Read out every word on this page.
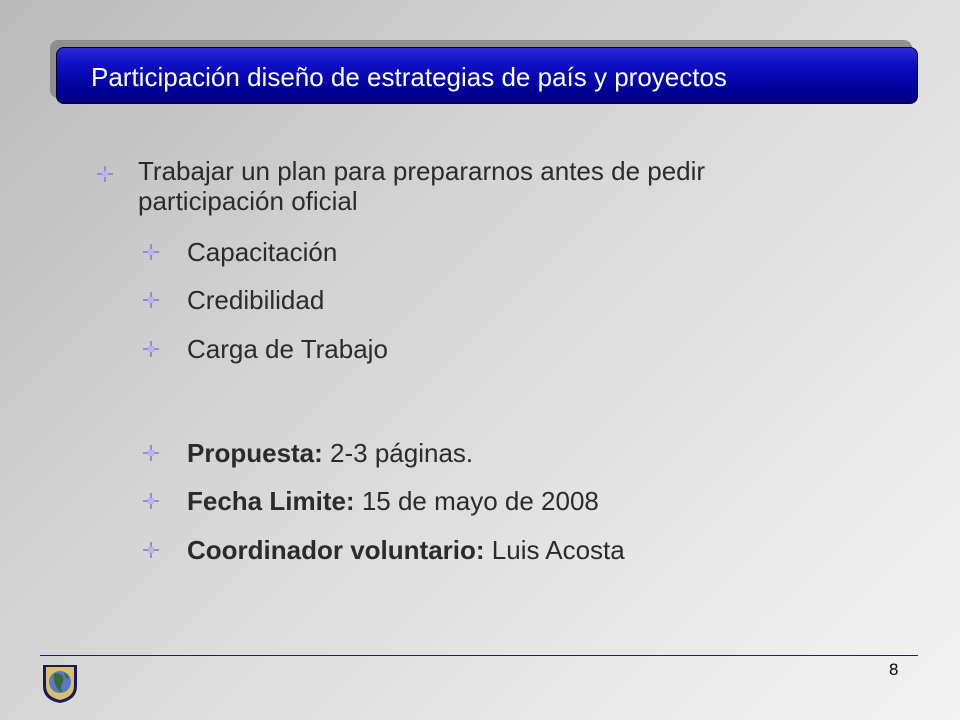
Participación diseño de estrategias de país y proyectos
Trabajar un plan para prepararnos antes de pedir
participación oficial
Capacitación
Credibilidad
Carga de Trabajo
Propuesta: 2-3 páginas.
Fecha Limite: 15 de mayo de 2008
Coordinador voluntario: Luis Acosta
8
